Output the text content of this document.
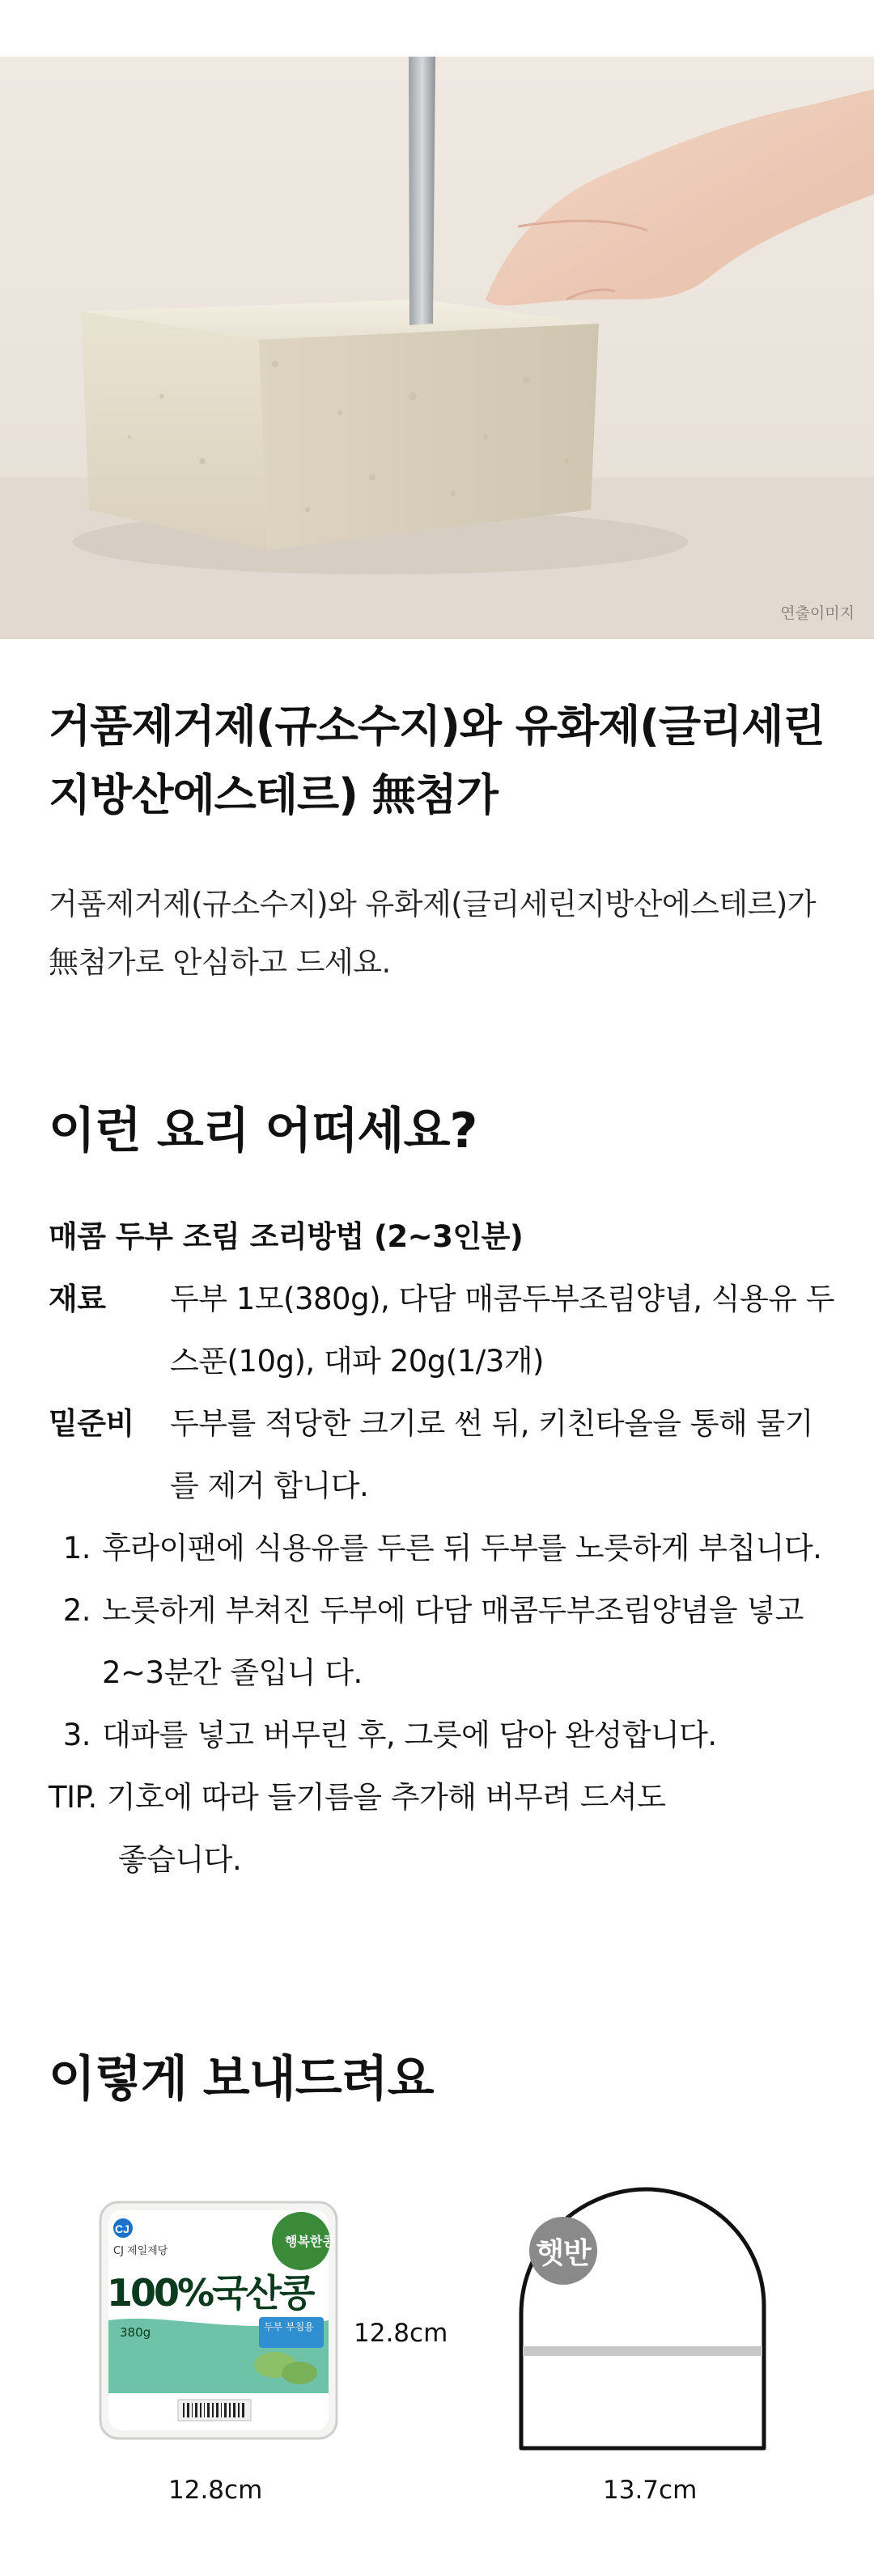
연출이미지
거품제거제(규소수지)와 유화제(글리세린지방산에스테르) 無첨가

거품제거제(규소수지)와 유화제(글리세린지방산에스테르)가 無첨가로 안심하고 드세요.

이런 요리 어떠세요?
매콤 두부 조림 조리방법 (2~3인분)
재료	두부 1모(380g), 다담 매콤두부조림양념, 식용유 두 스푼(10g), 대파 20g(1/3개)
밑준비	두부를 적당한 크기로 썬 뒤, 키친타올을 통해 물기를 제거 합니다.
1. 후라이팬에 식용유를 두른 뒤 두부를 노릇하게 부칩니다.
2. 노릇하게 부쳐진 두부에 다담 매콤두부조림양념을 넣고 2~3분간 졸입니 다.
3. 대파를 넣고 버무린 후, 그릇에 담아 완성합니다.
TIP. 기호에 따라 들기름을 추가해 버무려 드셔도
좋습니다.
이렇게 보내드려요
CJ
CJ 제일제당
행복한콩
100%국산콩
380g	두부 부침용 12.8cm
12.8cm
햇반
13.7cm
